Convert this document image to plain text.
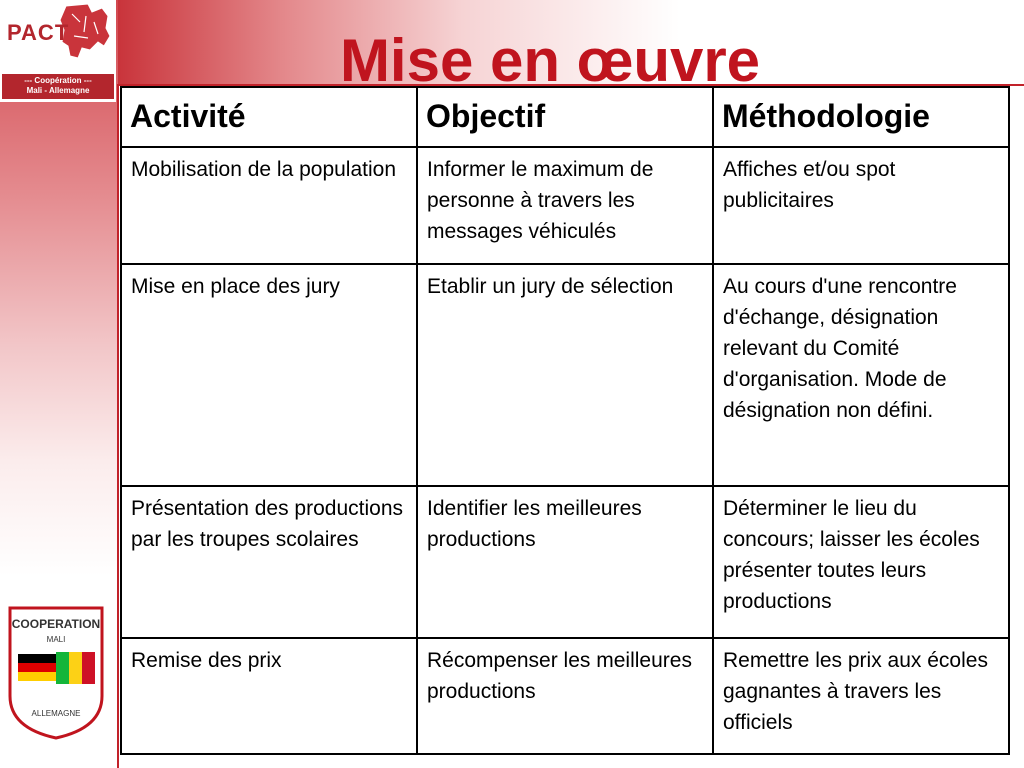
PACT
--- Coopération ---
Mali - Allemagne	Mise en œuvre
Activité	Objectif	Méthodologie
Mobilisation de la population	Informer le maximum de personne à travers les messages véhiculés	Affiches et/ou spot publicitaires
Mise en place des jury	Etablir un jury de sélection	Au cours d'une rencontre d'échange, désignation relevant du Comité d'organisation. Mode de désignation non défini.
Présentation des productions par les troupes scolaires	Identifier les meilleures productions	Déterminer le lieu du concours; laisser les écoles présenter toutes leurs productions
Remise des prix	Récompenser les meilleures productions	Remettre les prix aux écoles gagnantes à travers les officiels
COOPERATION
MALI
ALLEMAGNE
